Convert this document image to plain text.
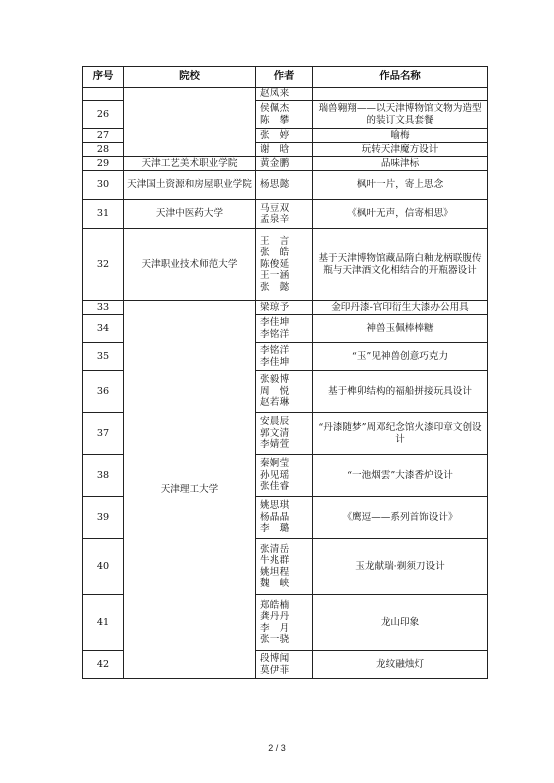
序号	院校	作者	作品名称

		赵凤来	

26		侯佩杰
陈　攀	瑞兽翱翔——以天津博物馆文物为造型的装订文具套餐
27		张　婷	喻梅
28		谢　晗	玩转天津魔方设计
29	天津工艺美术职业学院	黄金鹏	品味津标
30	天津国土资源和房屋职业学院	杨思懿	枫叶一片，寄上思念
31	天津中医药大学	马豆双
孟泉辛	《枫叶无声，信寄相思》
32	天津职业技术师范大学	王　言
张　皓
陈俊延
王一涵
张　懿	基于天津博物馆藏品隋白釉龙柄联腹传瓶与天津酒文化相结合的开瓶器设计
33	天津理工大学	梁琼予	金印丹漆-官印衍生大漆办公用具
34		李佳坤
李铭洋	神兽玉佩棒棒糖
35		李铭洋
李佳坤	“玉”见神兽创意巧克力
36		张毅博
周　悦
赵若琳	基于榫卯结构的福船拼接玩具设计
37		安晨辰
郭文清
李婧萱	“丹漆随梦”周邓纪念馆火漆印章文创设计
38		秦婀莹
孙见瑶
张佳睿	“一池烟雲”大漆香炉设计
39		姚思琪
杨晶晶
李　璐	《鹰逗——系列首饰设计》
40		张清岳
牛兆群
姚坦程
魏　峡	玉龙献瑞·剃须刀设计
41		郑皓楠
龚丹丹
李　月
张一骁	龙山印象
42		段博闻
莫伊菲	龙纹融烛灯
2 / 3
